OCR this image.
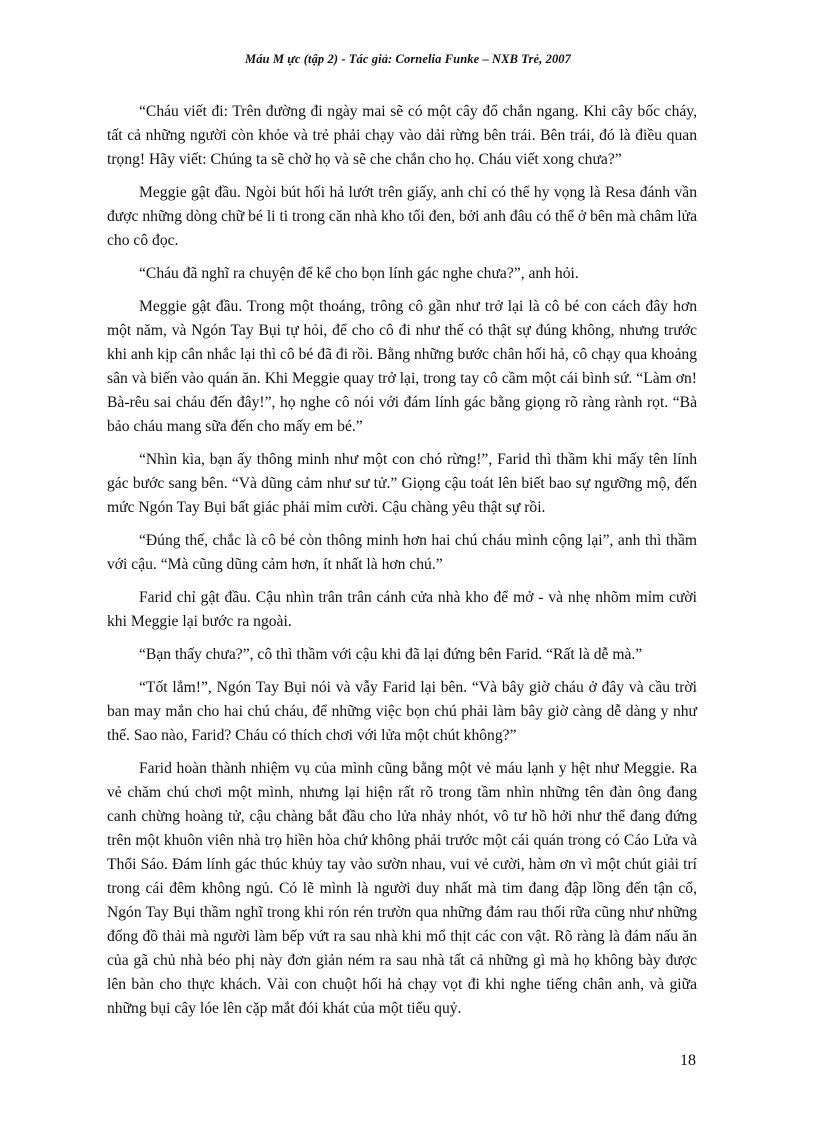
Máu M ực (tập 2) - Tác giả: Cornelia Funke – NXB Trẻ, 2007

“Cháu viết đi: Trên đường đi ngày mai sẽ có một cây đổ chắn ngang. Khi cây bốc cháy, tất cả những người còn khỏe và trẻ phải chạy vào dải rừng bên trái. Bên trái, đó là điều quan trọng! Hãy viết: Chúng ta sẽ chờ họ và sẽ che chắn cho họ. Cháu viết xong chưa?”

Meggie gật đầu. Ngòi bút hối hả lướt trên giấy, anh chỉ có thể hy vọng là Resa đánh vần được những dòng chữ bé li ti trong căn nhà kho tối đen, bởi anh đâu có thể ở bên mà châm lửa cho cô đọc.

“Cháu đã nghĩ ra chuyện để kể cho bọn lính gác nghe chưa?”, anh hỏi.

Meggie gật đầu. Trong một thoáng, trông cô gần như trở lại là cô bé con cách đây hơn một năm, và Ngón Tay Bụi tự hỏi, để cho cô đi như thế có thật sự đúng không, nhưng trước khi anh kịp cân nhắc lại thì cô bé đã đi rồi. Bằng những bước chân hối hả, cô chạy qua khoảng sân và biến vào quán ăn. Khi Meggie quay trở lại, trong tay cô cầm một cái bình sứ. “Làm ơn! Bà-rêu sai cháu đến đây!”, họ nghe cô nói với đám lính gác bằng giọng rõ ràng rành rọt. “Bà bảo cháu mang sữa đến cho mấy em bé.”

“Nhìn kìa, bạn ấy thông minh như một con chó rừng!”, Farid thì thầm khi mấy tên lính gác bước sang bên. “Và dũng cảm như sư tử.” Giọng cậu toát lên biết bao sự ngưỡng mộ, đến mức Ngón Tay Bụi bất giác phải mỉm cười. Cậu chàng yêu thật sự rồi.

“Đúng thế, chắc là cô bé còn thông minh hơn hai chú cháu mình cộng lại”, anh thì thầm với cậu. “Mà cũng dũng cảm hơn, ít nhất là hơn chú.”

Farid chỉ gật đầu. Cậu nhìn trân trân cánh cửa nhà kho để mở - và nhẹ nhõm mỉm cười khi Meggie lại bước ra ngoài.

“Bạn thấy chưa?”, cô thì thầm với cậu khi đã lại đứng bên Farid. “Rất là dễ mà.”

“Tốt lắm!”, Ngón Tay Bụi nói và vẫy Farid lại bên. “Và bây giờ cháu ở đây và cầu trời ban may mắn cho hai chú cháu, để những việc bọn chú phải làm bây giờ càng dễ dàng y như thế. Sao nào, Farid? Cháu có thích chơi với lửa một chút không?”

Farid hoàn thành nhiệm vụ của mình cũng bằng một vẻ máu lạnh y hệt như Meggie. Ra vẻ chăm chú chơi một mình, nhưng lại hiện rất rõ trong tầm nhìn những tên đàn ông đang canh chừng hoàng tử, cậu chàng bắt đầu cho lửa nhảy nhót, vô tư hồ hởi như thể đang đứng trên một khuôn viên nhà trọ hiền hòa chứ không phải trước một cái quán trong có Cáo Lửa và Thổi Sáo. Đám lính gác thúc khủy tay vào sườn nhau, vui vẻ cười, hàm ơn vì một chút giải trí trong cái đêm không ngủ. Có lẽ mình là người duy nhất mà tim đang đập lồng đến tận cổ, Ngón Tay Bụi thầm nghĩ trong khi rón rén trườn qua những đám rau thối rữa cũng như những đống đồ thải mà người làm bếp vứt ra sau nhà khi mổ thịt các con vật. Rõ ràng là đám nấu ăn của gã chủ nhà béo phị này đơn giản ném ra sau nhà tất cả những gì mà họ không bày được lên bàn cho thực khách. Vài con chuột hối hả chạy vọt đi khi nghe tiếng chân anh, và giữa những bụi cây lóe lên cặp mắt đói khát của một tiểu quỷ.

18
